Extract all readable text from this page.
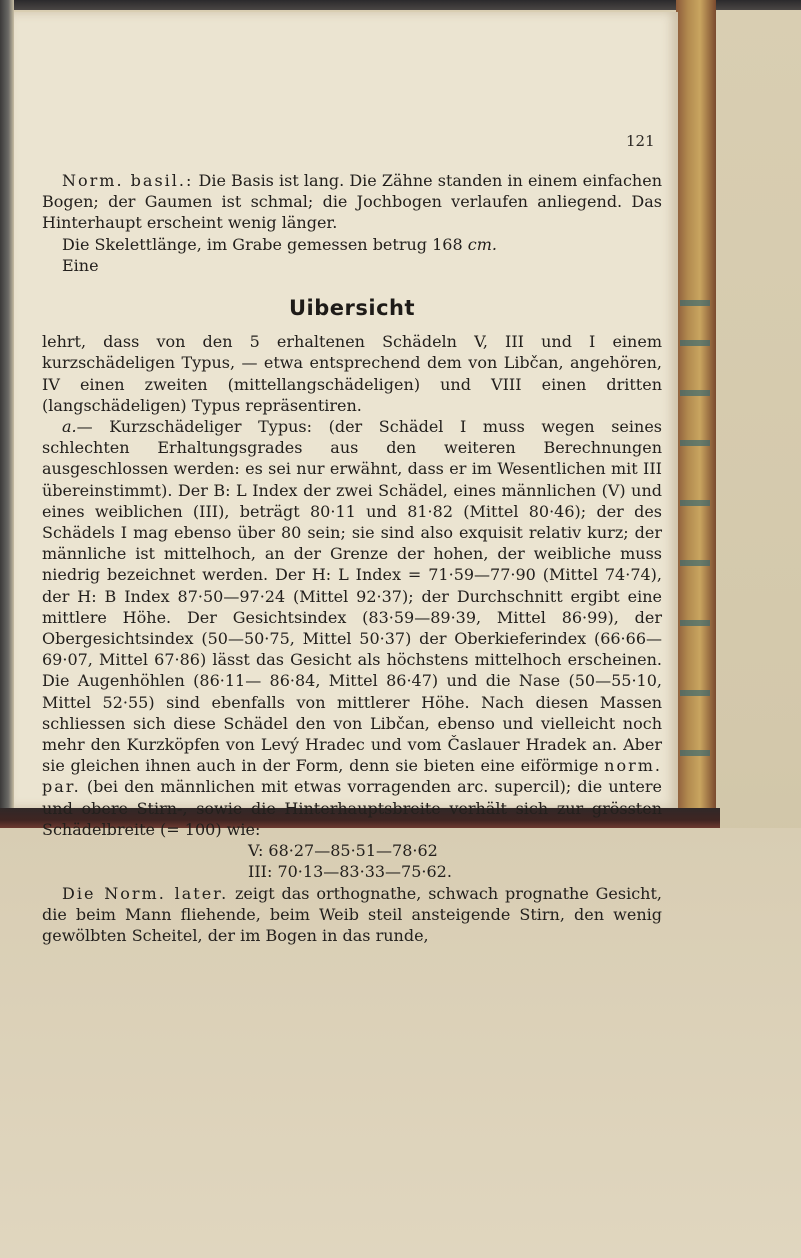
121

Norm. basil.: Die Basis ist lang. Die Zähne standen in einem einfachen Bogen; der Gaumen ist schmal; die Jochbogen verlaufen anliegend. Das Hinterhaupt erscheint wenig länger.

Die Skelettlänge, im Grabe gemessen betrug 168 cm.

Eine

Uibersicht

lehrt, dass von den 5 erhaltenen Schädeln V, III und I einem kurzschädeligen Typus, — etwa entsprechend dem von Libčan, angehören, IV einen zweiten (mittellangschädeligen) und VIII einen dritten (langschädeligen) Typus repräsentiren.

a.— Kurzschädeliger Typus: (der Schädel I muss wegen seines schlechten Erhaltungsgrades aus den weiteren Berechnungen ausgeschlossen werden: es sei nur erwähnt, dass er im Wesentlichen mit III übereinstimmt). Der B: L Index der zwei Schädel, eines männlichen (V) und eines weiblichen (III), beträgt 80·11 und 81·82 (Mittel 80·46); der des Schädels I mag ebenso über 80 sein; sie sind also exquisit relativ kurz; der männliche ist mittelhoch, an der Grenze der hohen, der weibliche muss niedrig bezeichnet werden. Der H: L Index = 71·59—77·90 (Mittel 74·74), der H: B Index 87·50—97·24 (Mittel 92·37); der Durchschnitt ergibt eine mittlere Höhe. Der Gesichtsindex (83·59—89·39, Mittel 86·99), der Obergesichtsindex (50—50·75, Mittel 50·37) der Oberkieferindex (66·66—69·07, Mittel 67·86) lässt das Gesicht als höchstens mittelhoch erscheinen. Die Augenhöhlen (86·11— 86·84, Mittel 86·47) und die Nase (50—55·10, Mittel 52·55) sind ebenfalls von mittlerer Höhe. Nach diesen Massen schliessen sich diese Schädel den von Libčan, ebenso und vielleicht noch mehr den Kurzköpfen von Levý Hradec und vom Časlauer Hradek an. Aber sie gleichen ihnen auch in der Form, denn sie bieten eine eiförmige norm. par. (bei den männlichen mit etwas vorragenden arc. supercil); die untere und obere Stirn-, sowie die Hinterhauptsbreite verhält sich zur grössten Schädelbreite (= 100) wie:

V: 68·27—85·51—78·62

III: 70·13—83·33—75·62.

Die Norm. later. zeigt das orthognathe, schwach prognathe Gesicht, die beim Mann fliehende, beim Weib steil ansteigende Stirn, den wenig gewölbten Scheitel, der im Bogen in das runde,
